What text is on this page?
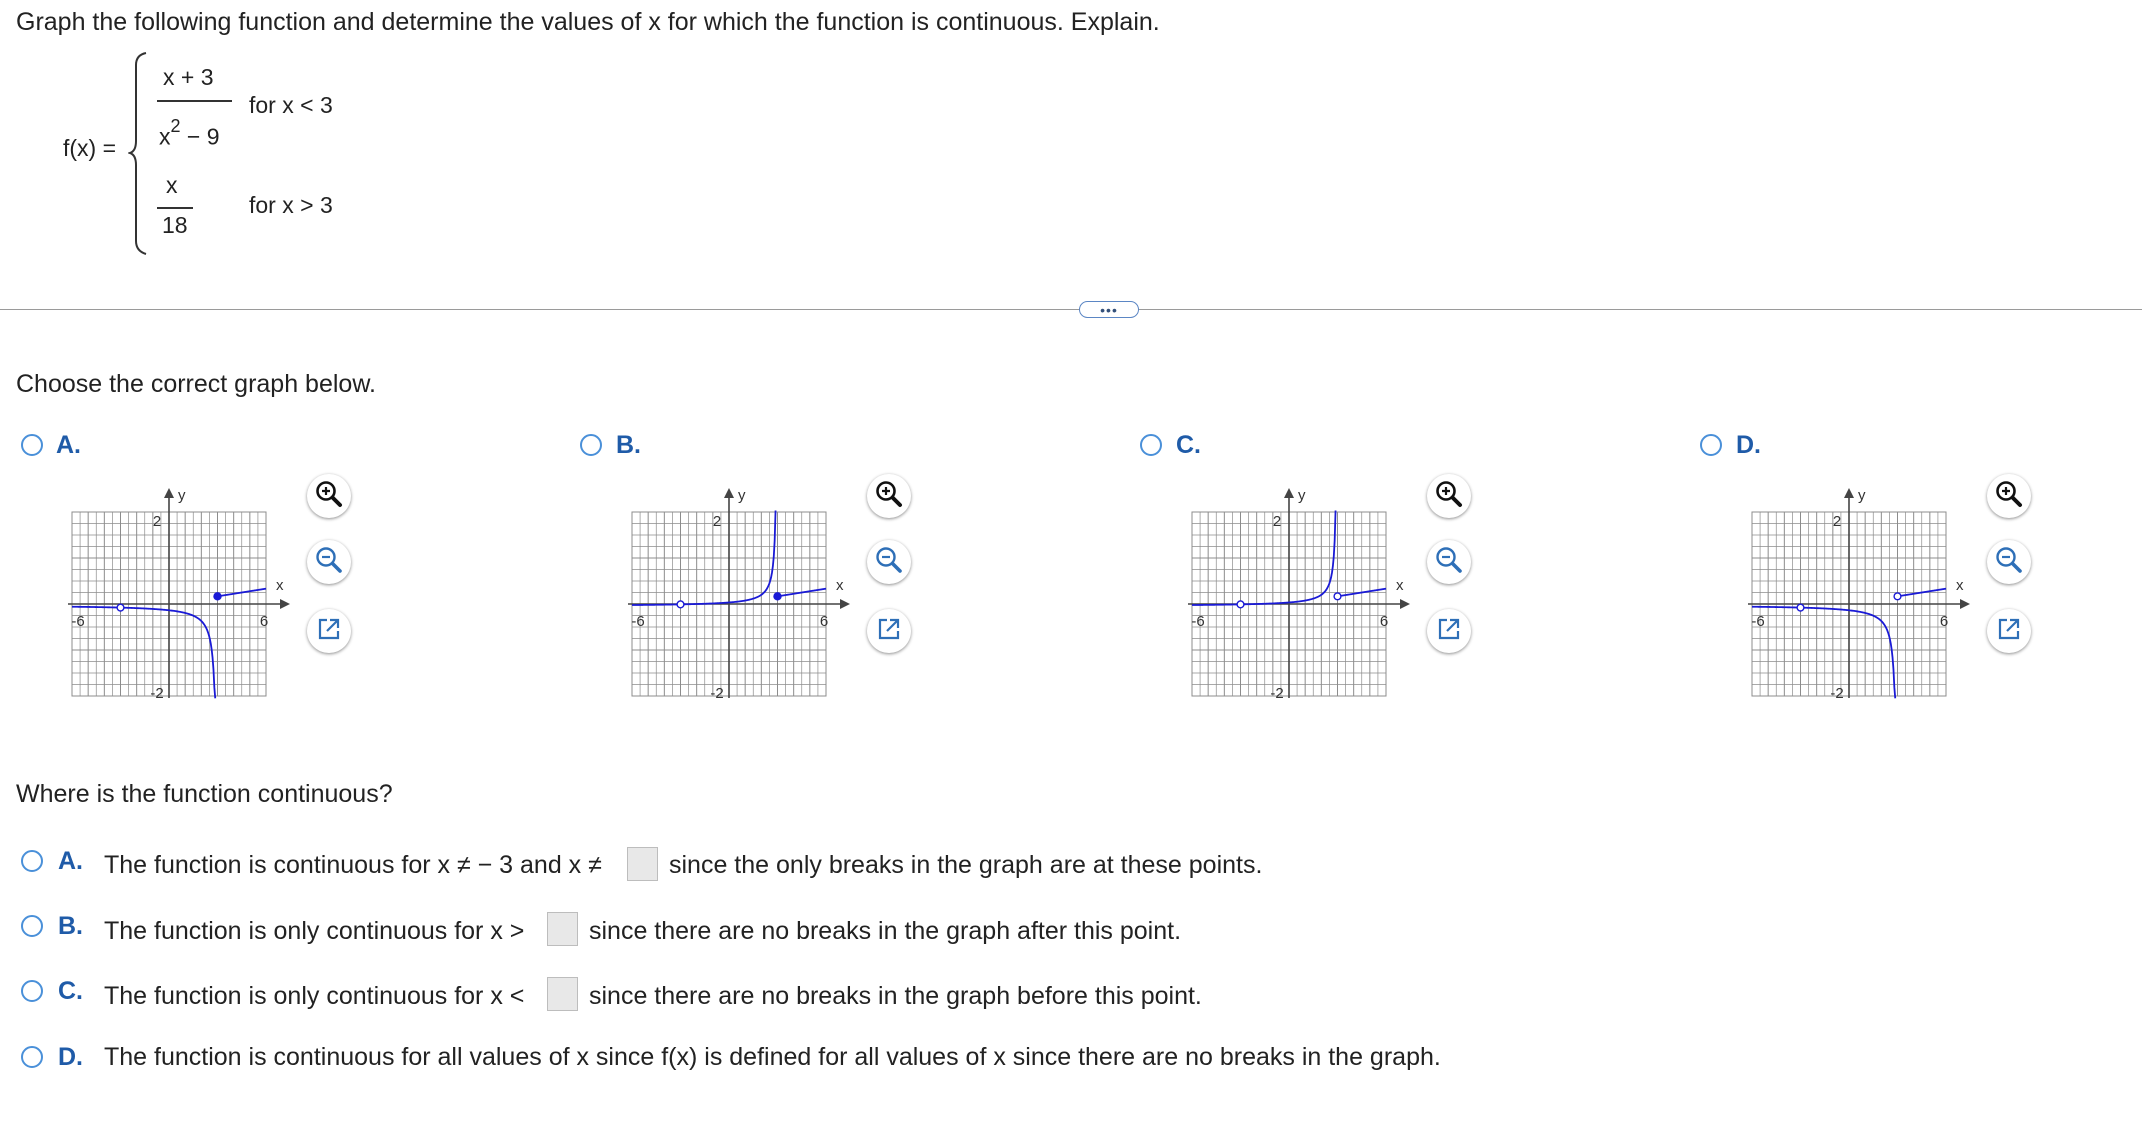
Graph the following function and determine the values of x for which the function is continuous. Explain.
f(x) =
x + 3
$x^2 - 9$
for x < 3
x
18
for x > 3
•••
Choose the correct graph below.
A.
y
x
-6	6
2
-2
B.
y
x
-6	6
2
-2
C.
y
x
-6	6
2
-2
D.
y
x
-6	6
2
-2
Where is the function continuous?
A. The function is continuous for x ≠ − 3 and x ≠	since the only breaks in the graph are at these points.
B. The function is only continuous for x >	since there are no breaks in the graph after this point.
C. The function is only continuous for x <	since there are no breaks in the graph before this point.
D. The function is continuous for all values of x since f(x) is defined for all values of x since there are no breaks in the graph.
